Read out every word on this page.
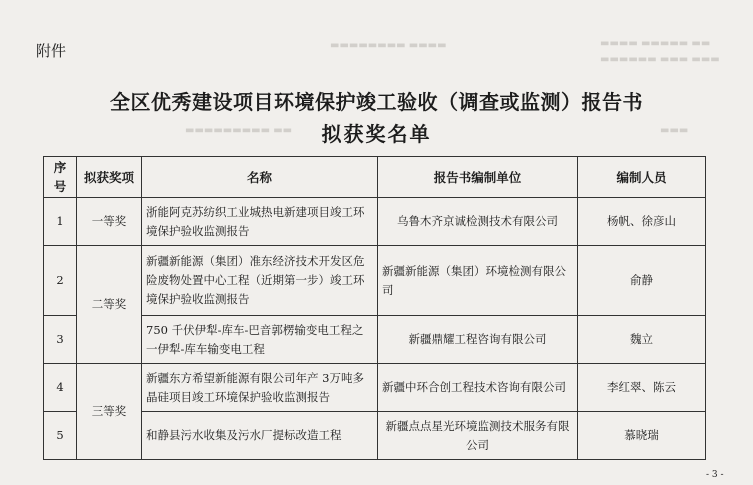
▬▬▬▬ ▬▬▬▬▬ ▬▬
▬▬▬▬▬▬ ▬▬▬ ▬▬▬
▬▬▬▬▬▬▬▬ ▬▬▬▬
▬▬▬▬▬▬▬▬▬ ▬▬	▬▬▬
附件
全区优秀建设项目环境保护竣工验收（调查或监测）报告书
拟获奖名单
序号	拟获奖项	名称	报告书编制单位	编制人员
1	一等奖	浙能阿克苏纺织工业城热电新建项目竣工环境保护验收监测报告	乌鲁木齐京诚检测技术有限公司	杨帆、徐彦山
2	二等奖	新疆新能源（集团）准东经济技术开发区危险废物处置中心工程（近期第一步）竣工环境保护验收监测报告	新疆新能源（集团）环境检测有限公司	俞静
3		750 千伏伊犁-库车-巴音郭楞输变电工程之一伊犁-库车输变电工程	新疆鼎耀工程咨询有限公司	魏立
4	三等奖	新疆东方希望新能源有限公司年产 3万吨多晶硅项目竣工环境保护验收监测报告	新疆中环合创工程技术咨询有限公司	李红翠、陈云
5		和静县污水收集及污水厂提标改造工程	新疆点点星光环境监测技术服务有限公司	慕晓瑞
- 3 -
